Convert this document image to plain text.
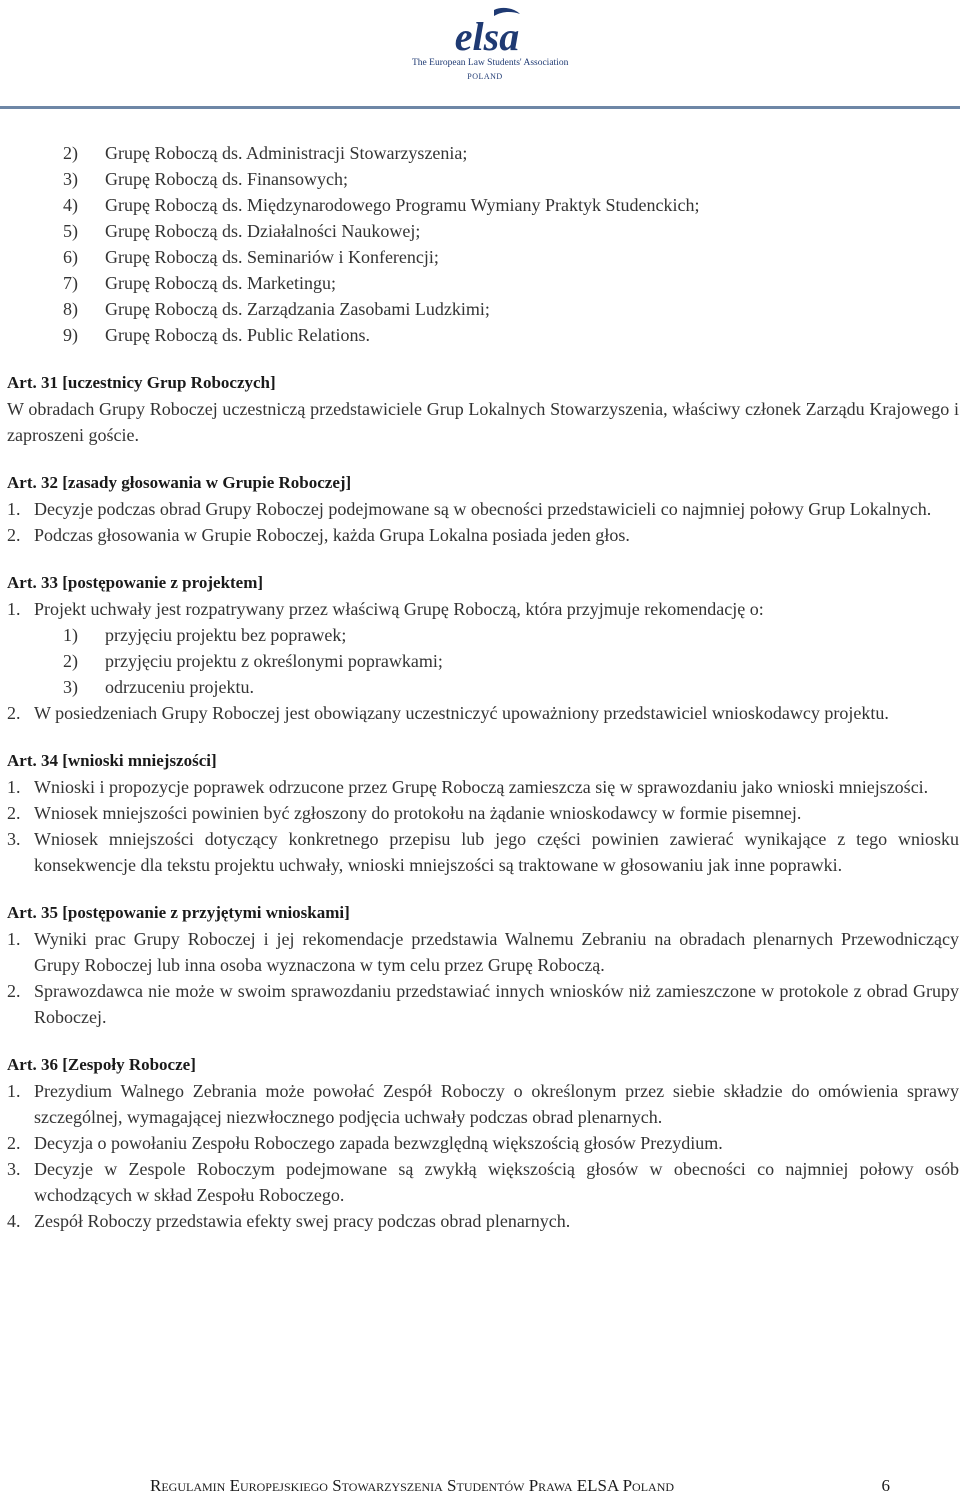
elsa
The European Law Students' Association
POLAND
2) Grupę Roboczą ds. Administracji Stowarzyszenia;
3) Grupę Roboczą ds. Finansowych;
4) Grupę Roboczą ds. Międzynarodowego Programu Wymiany Praktyk Studenckich;
5) Grupę Roboczą ds. Działalności Naukowej;
6) Grupę Roboczą ds. Seminariów i Konferencji;
7) Grupę Roboczą ds. Marketingu;
8) Grupę Roboczą ds. Zarządzania Zasobami Ludzkimi;
9) Grupę Roboczą ds. Public Relations.

Art. 31 [uczestnicy Grup Roboczych]

W obradach Grupy Roboczej uczestniczą przedstawiciele Grup Lokalnych Stowarzyszenia, właściwy członek Zarządu Krajowego i zaproszeni goście.

Art. 32 [zasady głosowania w Grupie Roboczej]

1. Decyzje podczas obrad Grupy Roboczej podejmowane są w obecności przedstawicieli co najmniej połowy Grup Lokalnych.

2. Podczas głosowania w Grupie Roboczej, każda Grupa Lokalna posiada jeden głos.

Art. 33 [postępowanie z projektem]

1. Projekt uchwały jest rozpatrywany przez właściwą Grupę Roboczą, która przyjmuje rekomendację o:

1) przyjęciu projektu bez poprawek;

2) przyjęciu projektu z określonymi poprawkami;

3) odrzuceniu projektu.

2. W posiedzeniach Grupy Roboczej jest obowiązany uczestniczyć upoważniony przedstawiciel wnioskodawcy projektu.

Art. 34 [wnioski mniejszości]

1. Wnioski i propozycje poprawek odrzucone przez Grupę Roboczą zamieszcza się w sprawozdaniu jako wnioski mniejszości.

2. Wniosek mniejszości powinien być zgłoszony do protokołu na żądanie wnioskodawcy w formie pisemnej.

3. Wniosek mniejszości dotyczący konkretnego przepisu lub jego części powinien zawierać wynikające z tego wniosku konsekwencje dla tekstu projektu uchwały, wnioski mniejszości są traktowane w głosowaniu jak inne poprawki.

Art. 35 [postępowanie z przyjętymi wnioskami]

1. Wyniki prac Grupy Roboczej i jej rekomendacje przedstawia Walnemu Zebraniu na obradach plenarnych Przewodniczący Grupy Roboczej lub inna osoba wyznaczona w tym celu przez Grupę Roboczą.

2. Sprawozdawca nie może w swoim sprawozdaniu przedstawiać innych wniosków niż zamieszczone w protokole z obrad Grupy Roboczej.

Art. 36 [Zespoły Robocze]

1. Prezydium Walnego Zebrania może powołać Zespół Roboczy o określonym przez siebie składzie do omówienia sprawy szczególnej, wymagającej niezwłocznego podjęcia uchwały podczas obrad plenarnych.

2. Decyzja o powołaniu Zespołu Roboczego zapada bezwzględną większością głosów Prezydium.

3. Decyzje w Zespole Roboczym podejmowane są zwykłą większością głosów w obecności co najmniej połowy osób wchodzących w skład Zespołu Roboczego.

4. Zespół Roboczy przedstawia efekty swej pracy podczas obrad plenarnych.

Regulamin Europejskiego Stowarzyszenia Studentów Prawa ELSA Poland	6
